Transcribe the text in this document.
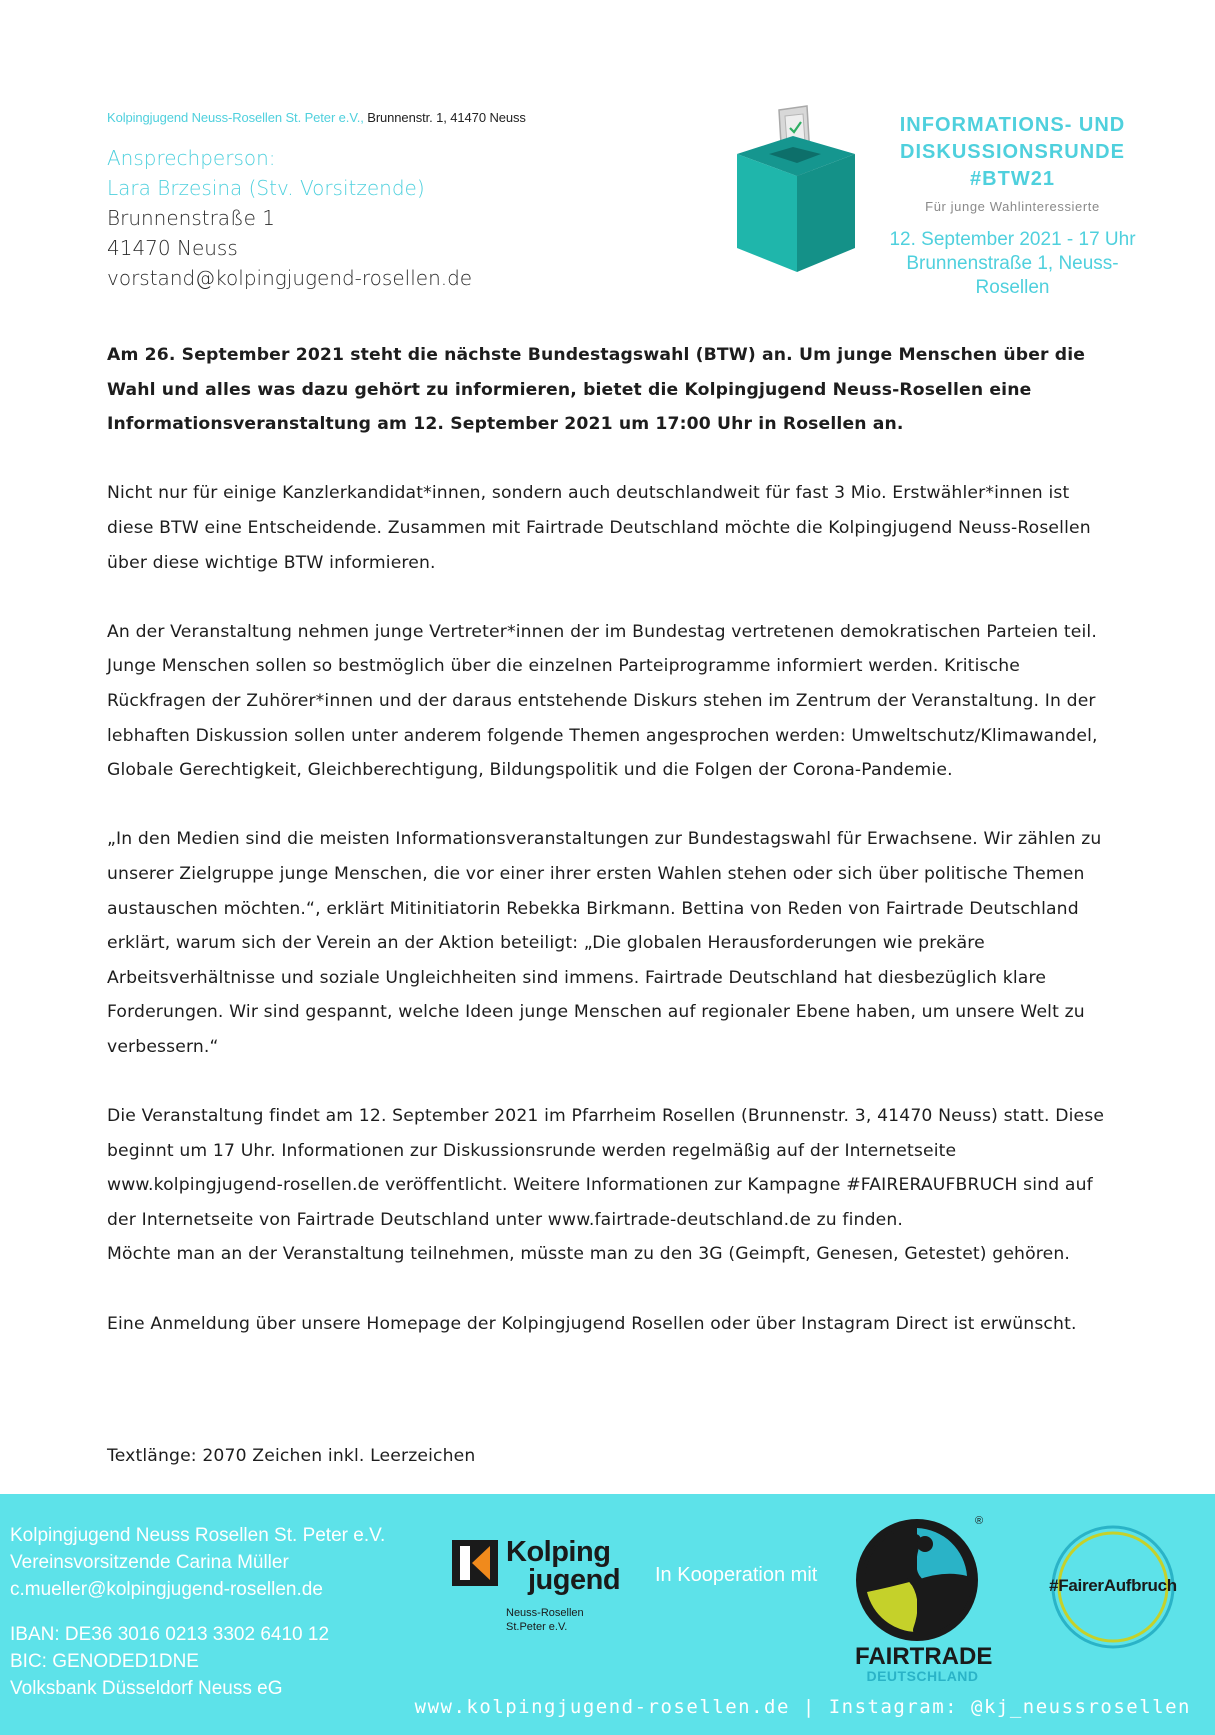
Kolpingjugend Neuss-Rosellen St. Peter e.V., Brunnenstr. 1, 41470 Neuss
Ansprechperson:
Lara Brzesina (Stv. Vorsitzende)
Brunnenstraße 1
41470 Neuss
vorstand@kolpingjugend-rosellen.de
INFORMATIONS- UND
DISKUSSIONSRUNDE #BTW21
Für junge Wahlinteressierte
12. September 2021 - 17 Uhr
Brunnenstraße 1, Neuss-Rosellen

Am 26. September 2021 steht die nächste Bundestagswahl (BTW) an. Um junge Menschen über die Wahl und alles was dazu gehört zu informieren, bietet die Kolpingjugend Neuss-Rosellen eine Informationsveranstaltung am 12. September 2021 um 17:00 Uhr in Rosellen an.

Nicht nur für einige Kanzlerkandidat*innen, sondern auch deutschlandweit für fast 3 Mio. Erstwähler*innen ist diese BTW eine Entscheidende. Zusammen mit Fairtrade Deutschland möchte die Kolpingjugend Neuss-Rosellen über diese wichtige BTW informieren.

An der Veranstaltung nehmen junge Vertreter*innen der im Bundestag vertretenen demokratischen Parteien teil. Junge Menschen sollen so bestmöglich über die einzelnen Parteiprogramme informiert werden. Kritische Rückfragen der Zuhörer*innen und der daraus entstehende Diskurs stehen im Zentrum der Veranstaltung. In der lebhaften Diskussion sollen unter anderem folgende Themen angesprochen werden: Umweltschutz/Klimawandel, Globale Gerechtigkeit, Gleichberechtigung, Bildungspolitik und die Folgen der Corona-Pandemie.

„In den Medien sind die meisten Informationsveranstaltungen zur Bundestagswahl für Erwachsene. Wir zählen zu unserer Zielgruppe junge Menschen, die vor einer ihrer ersten Wahlen stehen oder sich über politische Themen austauschen möchten.“, erklärt Mitinitiatorin Rebekka Birkmann. Bettina von Reden von Fairtrade Deutschland erklärt, warum sich der Verein an der Aktion beteiligt: „Die globalen Herausforderungen wie prekäre Arbeitsverhältnisse und soziale Ungleichheiten sind immens. Fairtrade Deutschland hat diesbezüglich klare Forderungen. Wir sind gespannt, welche Ideen junge Menschen auf regionaler Ebene haben, um unsere Welt zu verbessern.“

Die Veranstaltung findet am 12. September 2021 im Pfarrheim Rosellen (Brunnenstr. 3, 41470 Neuss) statt. Diese beginnt um 17 Uhr. Informationen zur Diskussionsrunde werden regelmäßig auf der Internetseite www.kolpingjugend-rosellen.de veröffentlicht. Weitere Informationen zur Kampagne #FAIRERAUFBRUCH sind auf der Internetseite von Fairtrade Deutschland unter www.fairtrade-deutschland.de zu finden.

Möchte man an der Veranstaltung teilnehmen, müsste man zu den 3G (Geimpft, Genesen, Getestet) gehören.

Eine Anmeldung über unsere Homepage der Kolpingjugend Rosellen oder über Instagram Direct ist erwünscht.

Textlänge: 2070 Zeichen inkl. Leerzeichen
Kolpingjugend Neuss Rosellen St. Peter e.V.
Vereinsvorsitzende Carina Müller
c.mueller@kolpingjugend-rosellen.de
IBAN: DE36 3016 0213 3302 6410 12
BIC: GENODED1DNE
Volksbank Düsseldorf Neuss eG
Kolping
jugend
Neuss-Rosellen
St.Peter e.V.
In Kooperation mit
®
FAIRTRADE
DEUTSCHLAND
#FairerAufbruch
www.kolpingjugend-rosellen.de | Instagram: @kj_neussrosellen
